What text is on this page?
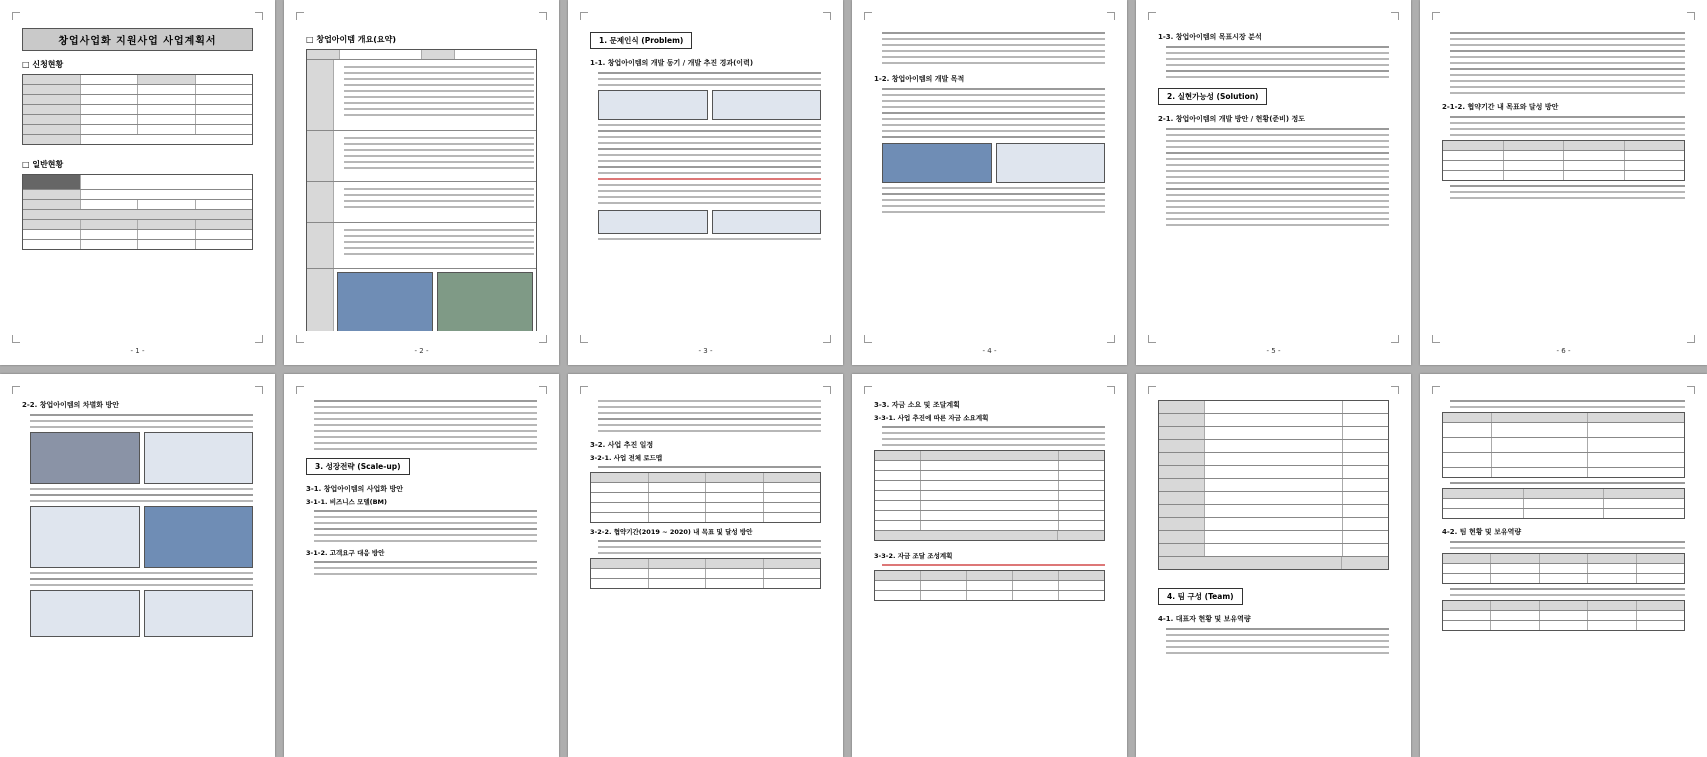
창업사업화 지원사업 사업계획서
□ 신청현황
□ 일반현황
- 1 -
□ 창업아이템 개요(요약)
- 2 -
1. 문제인식 (Problem)
1-1. 창업아이템의 개발 동기 / 개발 추진 경과(이력)
- 3 -
1-2. 창업아이템의 개발 목적
- 4 -
1-3. 창업아이템의 목표시장 분석
2. 실현가능성 (Solution)
2-1. 창업아이템의 개발 방안 / 현황(준비) 정도
- 5 -
2-1-2. 협약기간 내 목표와 달성 방안
- 6 -
2-2. 창업아이템의 차별화 방안
3. 성장전략 (Scale-up)
3-1. 창업아이템의 사업화 방안
3-1-1. 비즈니스 모델(BM)
3-1-2. 고객요구 대응 방안
3-2. 사업 추진 일정
3-2-1. 사업 전체 로드맵
3-2-2. 협약기간(2019 ~ 2020) 내 목표 및 달성 방안
3-3. 자금 소요 및 조달계획
3-3-1. 사업 추진에 따른 자금 소요계획
3-3-2. 자금 조달 조성계획
4. 팀 구성 (Team)
4-1. 대표자 현황 및 보유역량
4-2. 팀 현황 및 보유역량
